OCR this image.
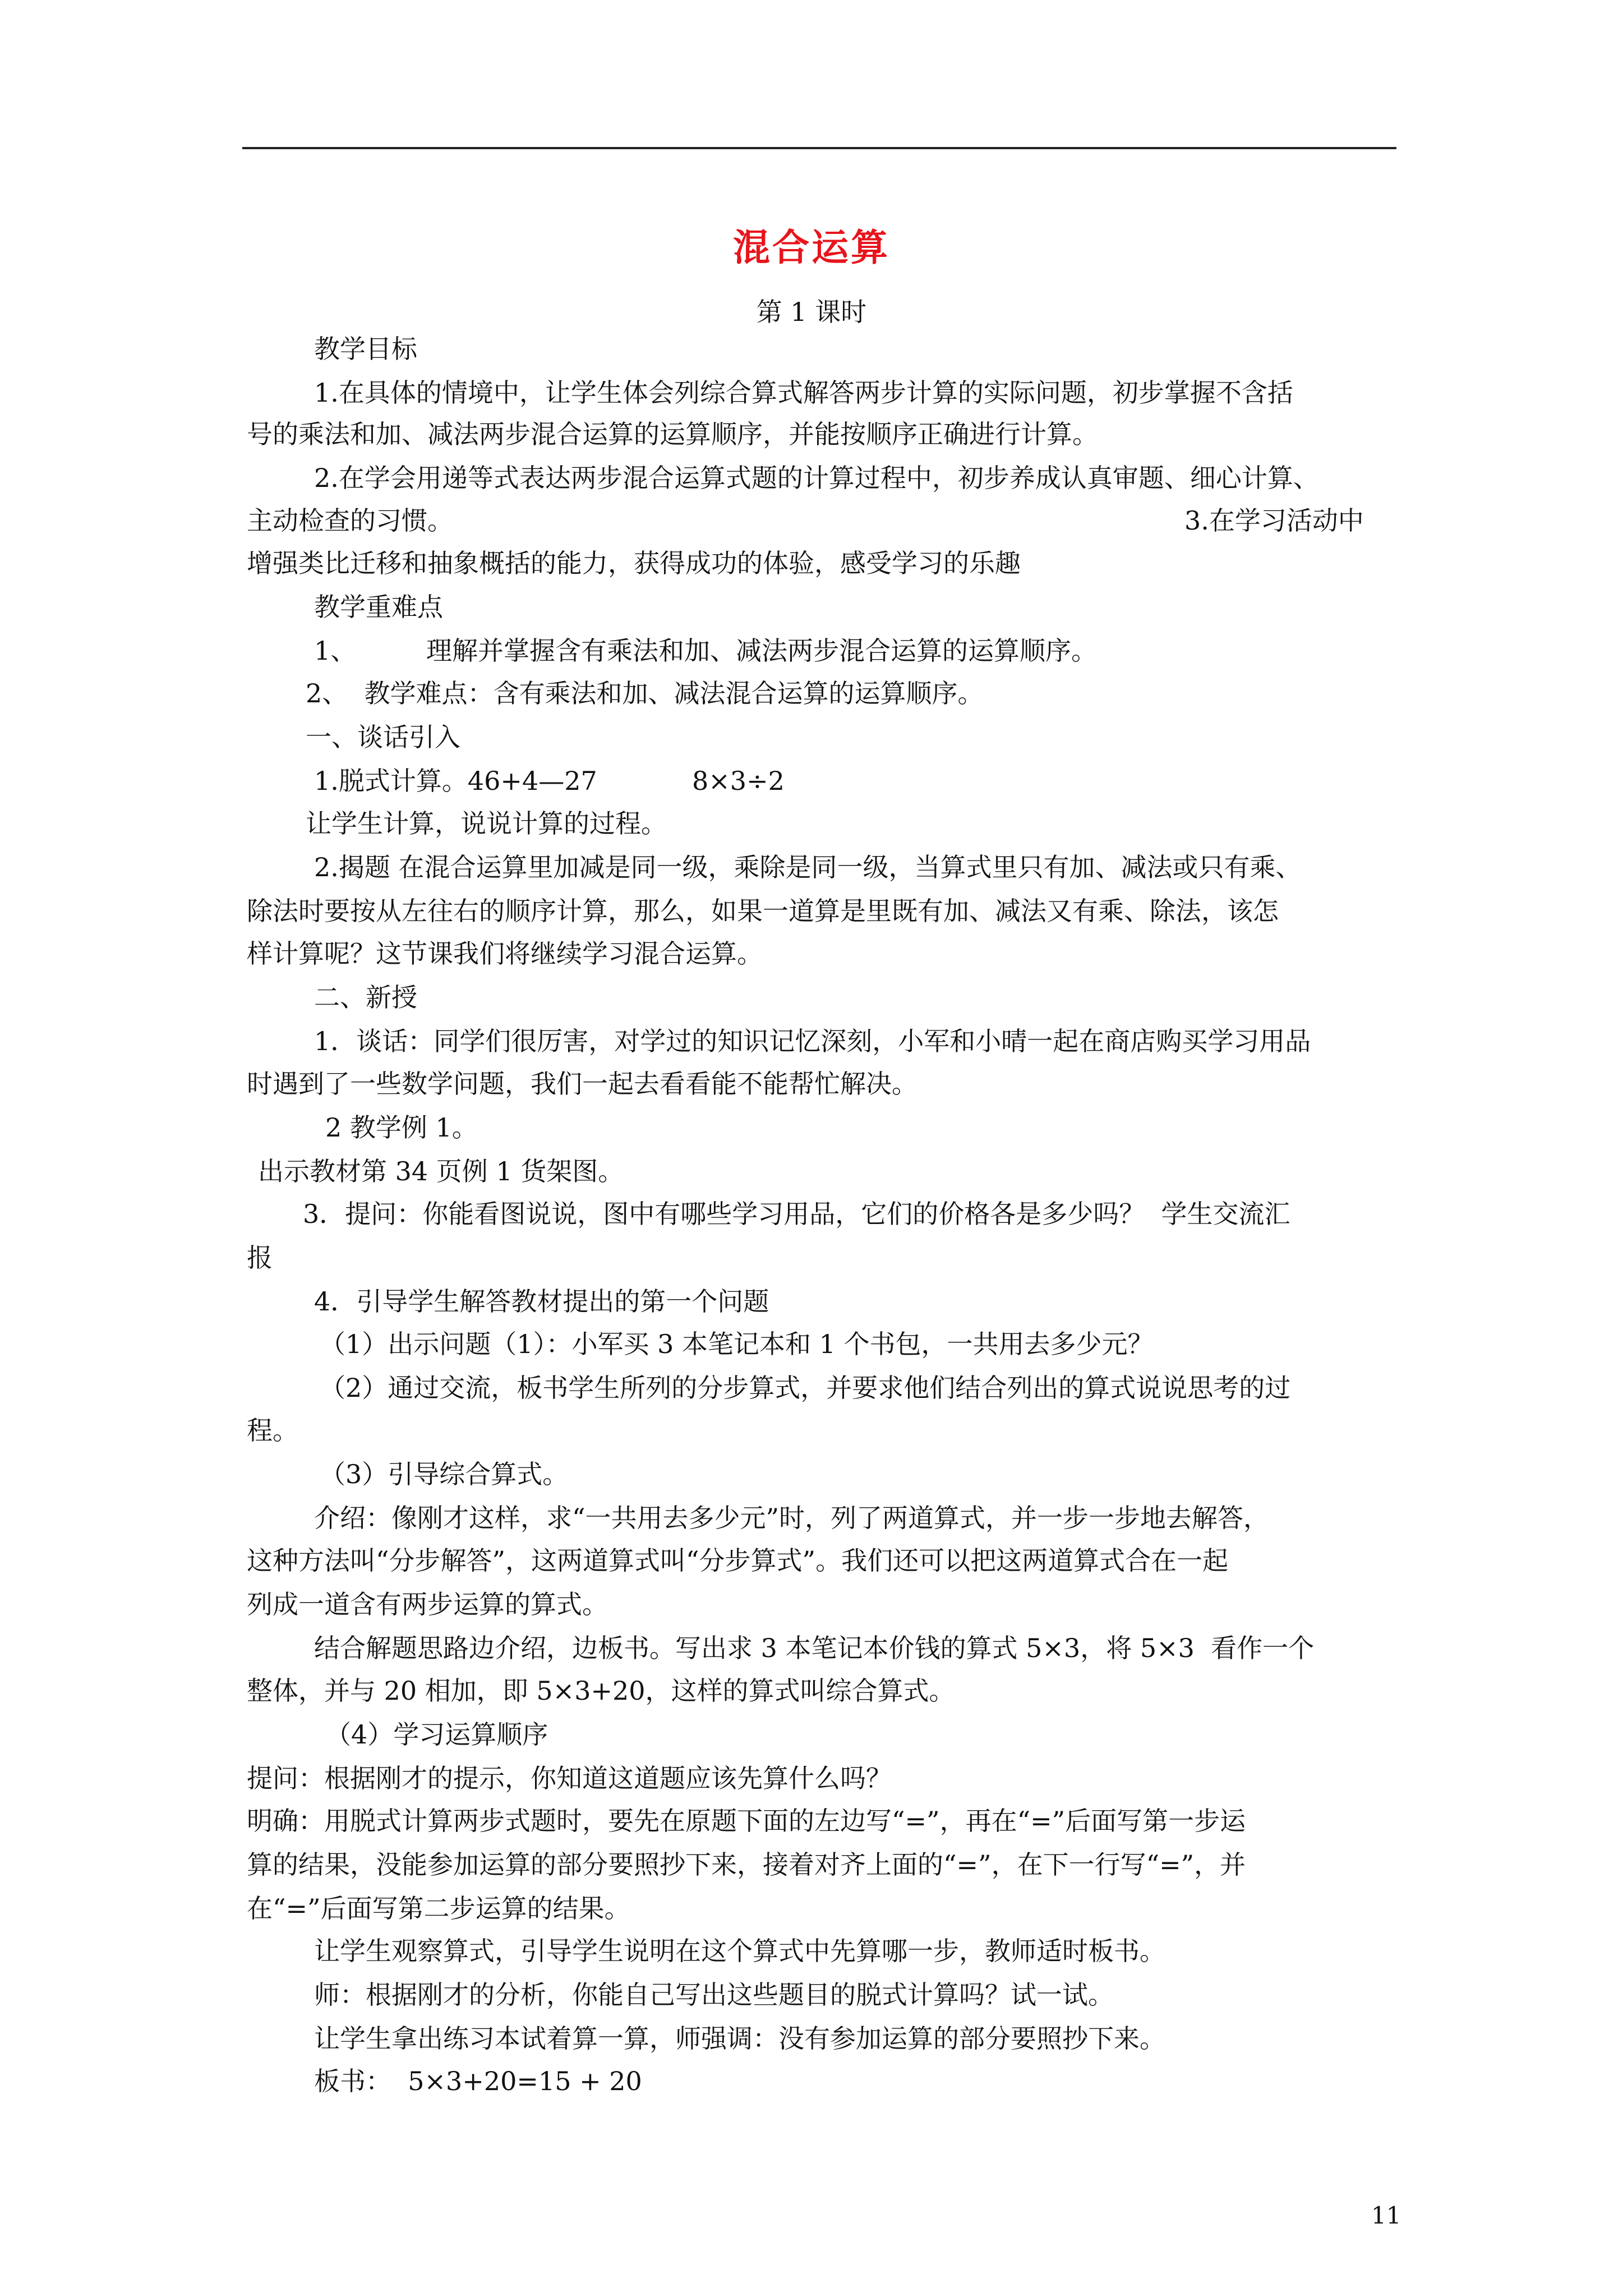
混合运算
第 1 课时
教学目标
1.在具体的情境中，让学生体会列综合算式解答两步计算的实际问题，初步掌握不含括
号的乘法和加、减法两步混合运算的运算顺序，并能按顺序正确进行计算。
2.在学会用递等式表达两步混合运算式题的计算过程中，初步养成认真审题、细心计算、
主动检查的习惯。	3.在学习活动中
增强类比迁移和抽象概括的能力，获得成功的体验，感受学习的乐趣
教学重难点
1、	理解并掌握含有乘法和加、减法两步混合运算的运算顺序。
2、  教学难点：含有乘法和加、减法混合运算的运算顺序。
一、谈话引入
1.脱式计算。46+4—27	8×3÷2
让学生计算，说说计算的过程。
2.揭题 在混合运算里加减是同一级，乘除是同一级，当算式里只有加、减法或只有乘、
除法时要按从左往右的顺序计算，那么，如果一道算是里既有加、减法又有乘、除法，该怎
样计算呢？这节课我们将继续学习混合运算。
二、新授
1．谈话：同学们很厉害，对学过的知识记忆深刻，小军和小晴一起在商店购买学习用品
时遇到了一些数学问题，我们一起去看看能不能帮忙解决。
2 教学例 1。
出示教材第 34 页例 1 货架图。
3．提问：你能看图说说，图中有哪些学习用品，它们的价格各是多少吗？  学生交流汇
报
4．引导学生解答教材提出的第一个问题
（1）出示问题（1）：小军买 3 本笔记本和 1 个书包，一共用去多少元？
（2）通过交流，板书学生所列的分步算式，并要求他们结合列出的算式说说思考的过
程。
（3）引导综合算式。
介绍：像刚才这样，求“一共用去多少元”时，列了两道算式，并一步一步地去解答，
这种方法叫“分步解答”，这两道算式叫“分步算式”。我们还可以把这两道算式合在一起
列成一道含有两步运算的算式。
结合解题思路边介绍，边板书。写出求 3 本笔记本价钱的算式 5×3，将 5×3  看作一个
整体，并与 20 相加，即 5×3+20，这样的算式叫综合算式。
（4）学习运算顺序
提问：根据刚才的提示，你知道这道题应该先算什么吗？
明确：用脱式计算两步式题时，要先在原题下面的左边写“=”，再在“=”后面写第一步运
算的结果，没能参加运算的部分要照抄下来，接着对齐上面的“=”，在下一行写“=”，并
在“=”后面写第二步运算的结果。
让学生观察算式，引导学生说明在这个算式中先算哪一步，教师适时板书。
师：根据刚才的分析，你能自己写出这些题目的脱式计算吗？试一试。
让学生拿出练习本试着算一算，师强调：没有参加运算的部分要照抄下来。
板书：  5×3+20=15 + 20
11
